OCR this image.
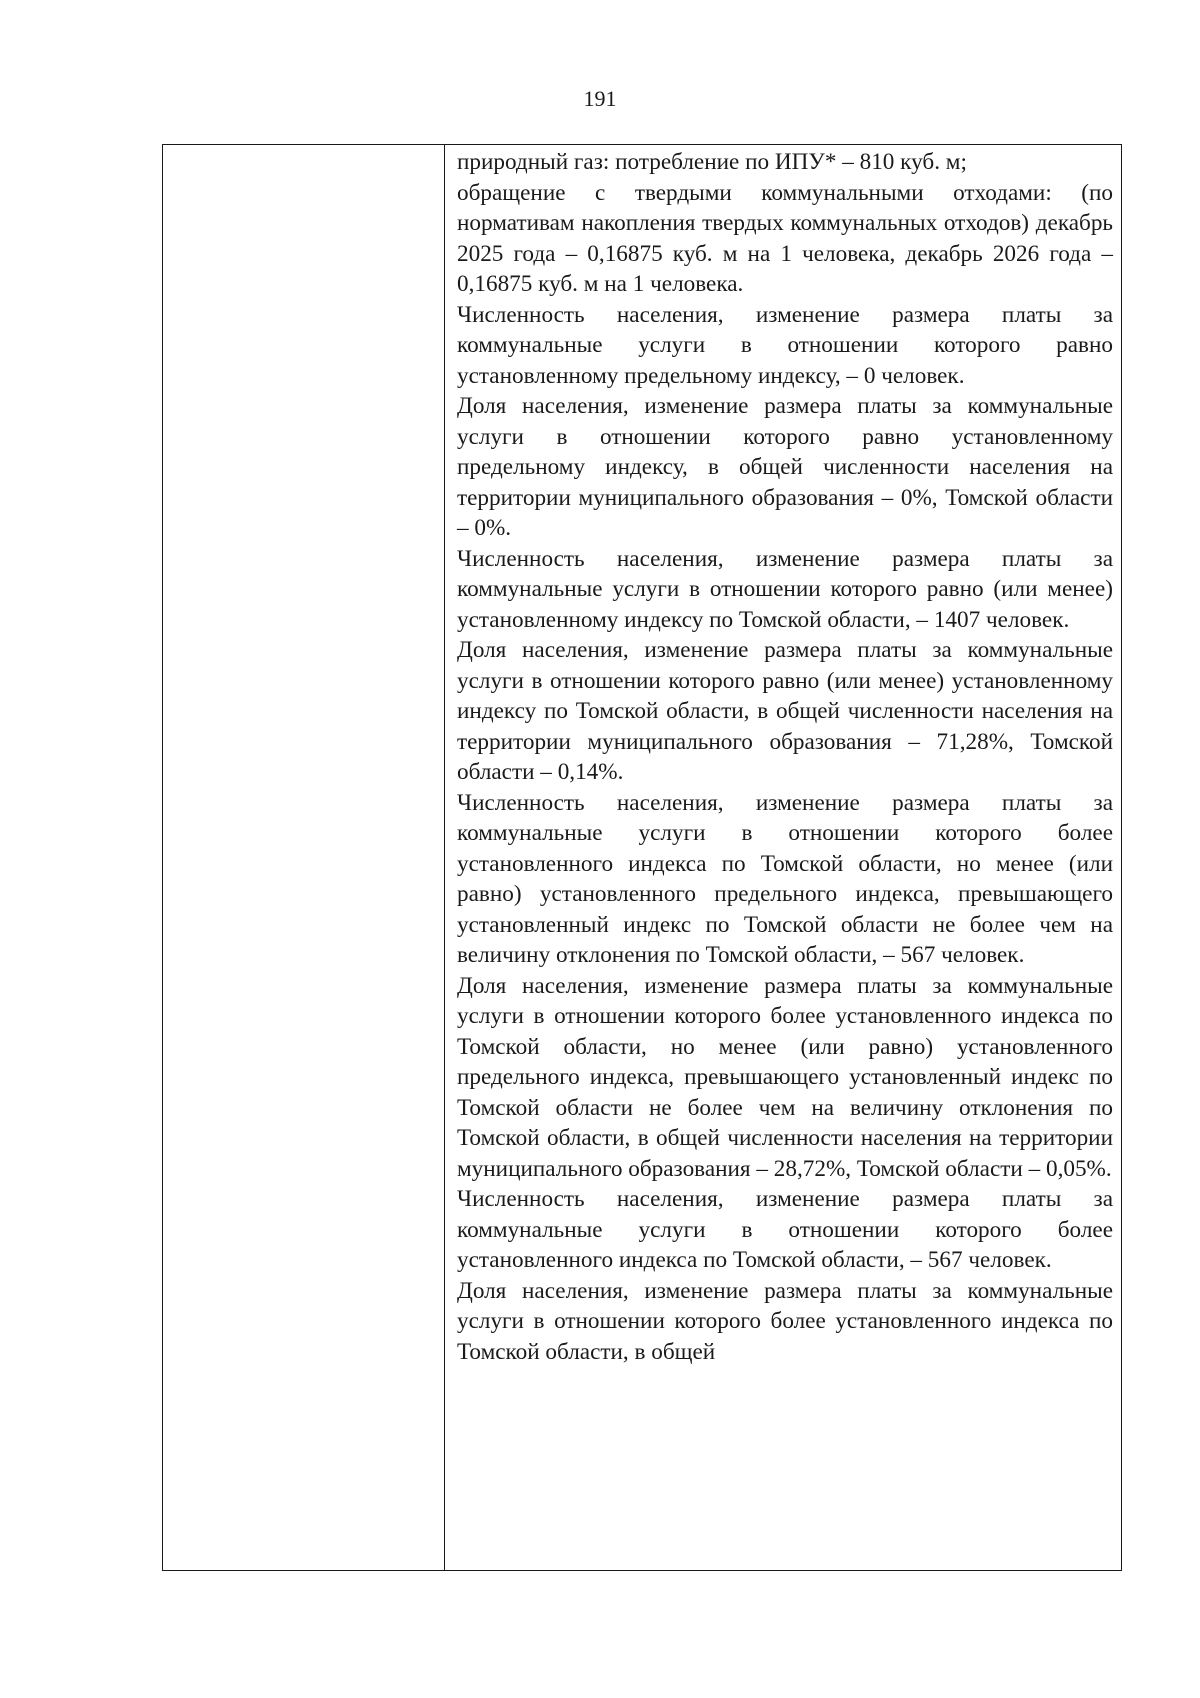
191

природный газ: потребление по ИПУ* – 810 куб. м;

обращение с твердыми коммунальными отходами: (по нормативам накопления твердых коммунальных отходов) декабрь 2025 года – 0,16875 куб. м на 1 человека, декабрь 2026 года – 0,16875 куб. м на 1 человека.

Численность населения, изменение размера платы за коммунальные услуги в отношении которого равно установленному предельному индексу, – 0 человек.

Доля населения, изменение размера платы за коммунальные услуги в отношении которого равно установленному предельному индексу, в общей численности населения на территории муниципального образования – 0%, Томской области – 0%.

Численность населения, изменение размера платы за коммунальные услуги в отношении которого равно (или менее) установленному индексу по Томской области, – 1407 человек.

Доля населения, изменение размера платы за коммунальные услуги в отношении которого равно (или менее) установленному индексу по Томской области, в общей численности населения на территории муниципального образования – 71,28%, Томской области – 0,14%.

Численность населения, изменение размера платы за коммунальные услуги в отношении которого более установленного индекса по Томской области, но менее (или равно) установленного предельного индекса, превышающего установленный индекс по Томской области не более чем на величину отклонения по Томской области, – 567 человек.

Доля населения, изменение размера платы за коммунальные услуги в отношении которого более установленного индекса по Томской области, но менее (или равно) установленного предельного индекса, превышающего установленный индекс по Томской области не более чем на величину отклонения по Томской области, в общей численности населения на территории муниципального образования – 28,72%, Томской области – 0,05%.

Численность населения, изменение размера платы за коммунальные услуги в отношении которого более установленного индекса по Томской области, – 567 человек.

Доля населения, изменение размера платы за коммунальные услуги в отношении которого более установленного индекса по Томской области, в общей
